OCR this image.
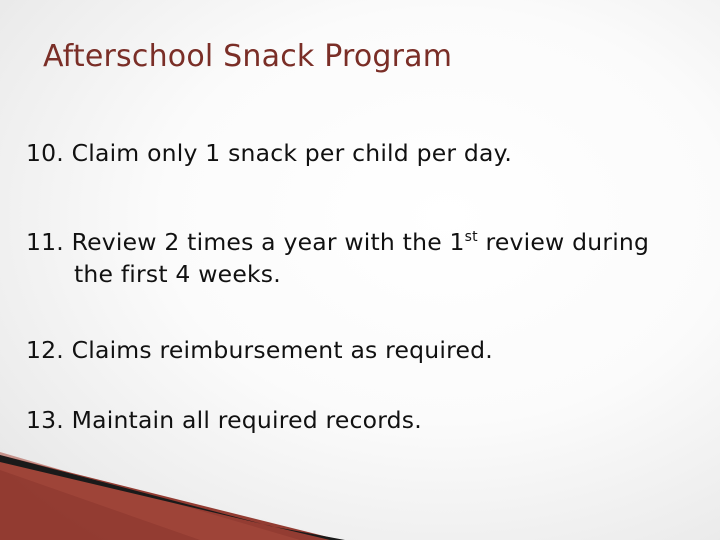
Afterschool Snack Program
10. Claim only 1 snack per child per day.
11. Review 2 times a year with the 1st review during
the first 4 weeks.
12. Claims reimbursement as required.
13. Maintain all required records.
